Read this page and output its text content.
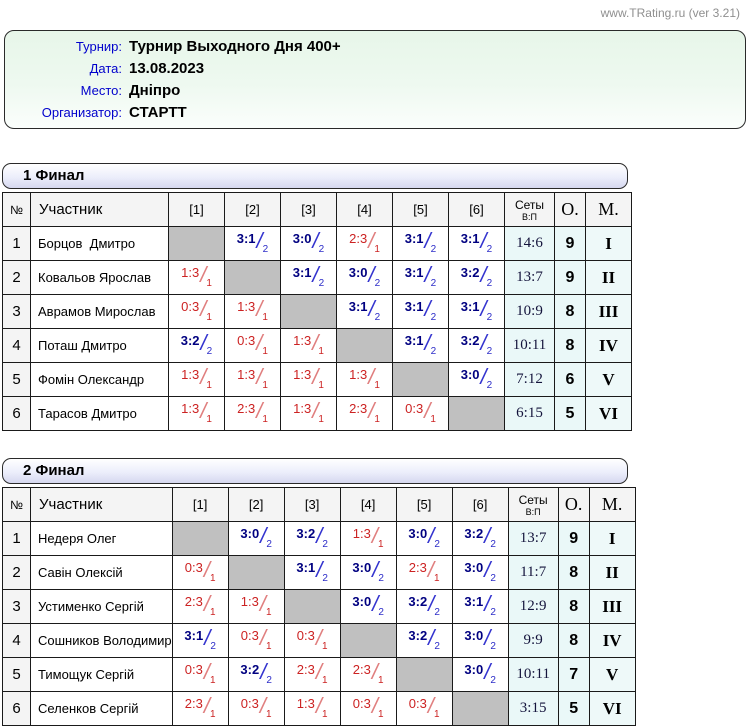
www.TRating.ru (ver 3.21)
Турнир: Турнир Выходного Дня 400+
Дата: 13.08.2023
Место: Дніпро
Организатор: СТАРТТ
1 Финал
№	Участник	[1]	[2]	[3]	[4]	[5]	[6]	Сеты
В:П	О.	М.
1	Борцов  Дмитро		3:1 / 2	3:0 / 2	2:3 / 1	3:1 / 2	3:1 / 2	14:6	9	I
2	Ковальов Ярослав	1:3 / 1		3:1 / 2	3:0 / 2	3:1 / 2	3:2 / 2	13:7	9	II
3	Аврамов Мирослав	0:3 / 1	1:3 / 1		3:1 / 2	3:1 / 2	3:1 / 2	10:9	8	III
4	Поташ Дмитро	3:2 / 2	0:3 / 1	1:3 / 1		3:1 / 2	3:2 / 2	10:11	8	IV
5	Фомін Олександр	1:3 / 1	1:3 / 1	1:3 / 1	1:3 / 1		3:0 / 2	7:12	6	V
6	Тарасов Дмитро	1:3 / 1	2:3 / 1	1:3 / 1	2:3 / 1	0:3 / 1		6:15	5	VI
2 Финал
№	Участник	[1]	[2]	[3]	[4]	[5]	[6]	Сеты
В:П	О.	М.
1	Недеря Олег		3:0 / 2	3:2 / 2	1:3 / 1	3:0 / 2	3:2 / 2	13:7	9	I
2	Савін Олексій	0:3 / 1		3:1 / 2	3:0 / 2	2:3 / 1	3:0 / 2	11:7	8	II
3	Устименко Сергій	2:3 / 1	1:3 / 1		3:0 / 2	3:2 / 2	3:1 / 2	12:9	8	III
4	Сошников Володимир	3:1 / 2	0:3 / 1	0:3 / 1		3:2 / 2	3:0 / 2	9:9	8	IV
5	Тимощук Сергій	0:3 / 1	3:2 / 2	2:3 / 1	2:3 / 1		3:0 / 2	10:11	7	V
6	Селенков Сергій	2:3 / 1	0:3 / 1	1:3 / 1	0:3 / 1	0:3 / 1		3:15	5	VI
